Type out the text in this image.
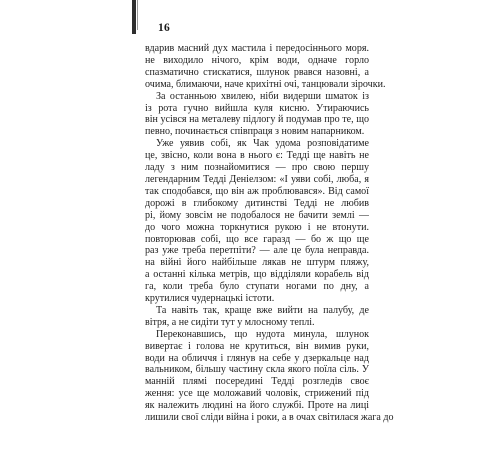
16
вдарив масний дух мастила і передосіннього моря.
не виходило нічого, крім води, одначе горло
спазматично стискатися, шлунок рвався назовні, а
очима, блимаючи, наче крихітні очі, танцювали зірочки.
За останньою хвилею, ніби видерши шматок із
із рота гучно вийшла куля кисню. Утираючись
він усівся на металеву підлогу й подумав про те, що
певно, починається співпраця з новим напарником.
Уже уявив собі, як Чак удома розповідатиме
це, звісно, коли вона в нього є: Тедді ще навіть не
ладу з ним познайомитися — про свою першу
легендарним Тедді Деніелзом: «І уяви собі, люба, я
так сподобався, що він аж проблювався». Від самої
дорожі в глибокому дитинстві Тедді не любив
рі, йому зовсім не подобалося не бачити землі —
до чого можна торкнутися рукою і не втонути.
повторював собі, що все гаразд — бо ж що ще
раз уже треба перетпіти? — але це була неправда.
на війні його найбільше лякав не штурм пляжу,
а останні кілька метрів, що відділяли корабель від
га, коли треба було ступати ногами по дну, а
крутилися чудернацькі істоти.
Та навіть так, краще вже вийти на палубу, де
вітря, а не сидіти тут у млосному теплі.
Переконавшись, що нудота минула, шлунок
вивертає і голова не крутиться, він вимив руки,
води на обличчя і глянув на себе у дзеркальце над
вальником, більшу частину скла якого поїла сіль. У
манній плямі посередині Тедді розгледів своє
ження: усе ще моложавий чоловік, стрижений під
як належить людині на його службі. Проте на лиці
лишили свої сліди війна і роки, а в очах світилася жага до
